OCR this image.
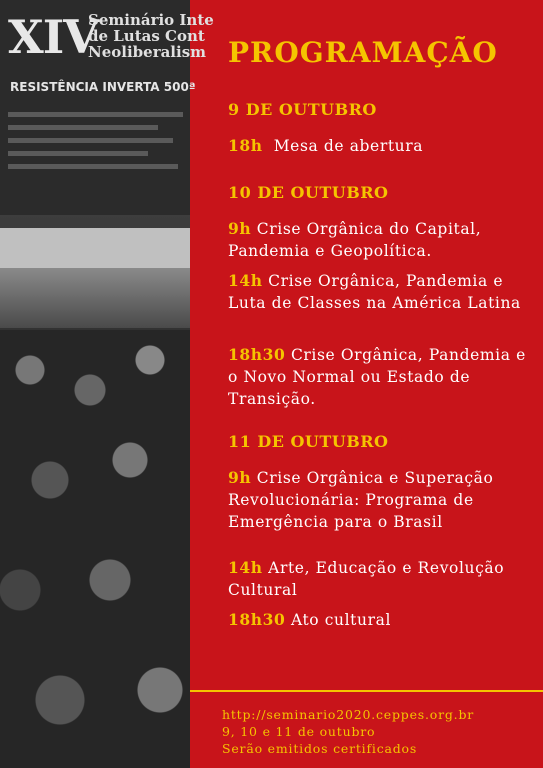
XIV
Seminário Inte
de Lutas Cont
Neoliberalism
RESISTÊNCIA INVERTA 500ª
PROGRAMAÇÃO
9 DE OUTUBRO
18h Mesa de abertura
10 DE OUTUBRO
9h Crise Orgânica do Capital, Pandemia e Geopolítica.
14h Crise Orgânica, Pandemia e Luta de Classes na América Latina
18h30 Crise Orgânica, Pandemia e o Novo Normal ou Estado de Transição.
11 DE OUTUBRO
9h Crise Orgânica e Superação Revolucionária: Programa de Emergência para o Brasil
14h Arte, Educação e Revolução Cultural
18h30 Ato cultural
http://seminario2020.ceppes.org.br
9, 10 e 11 de outubro
Serão emitidos certificados
